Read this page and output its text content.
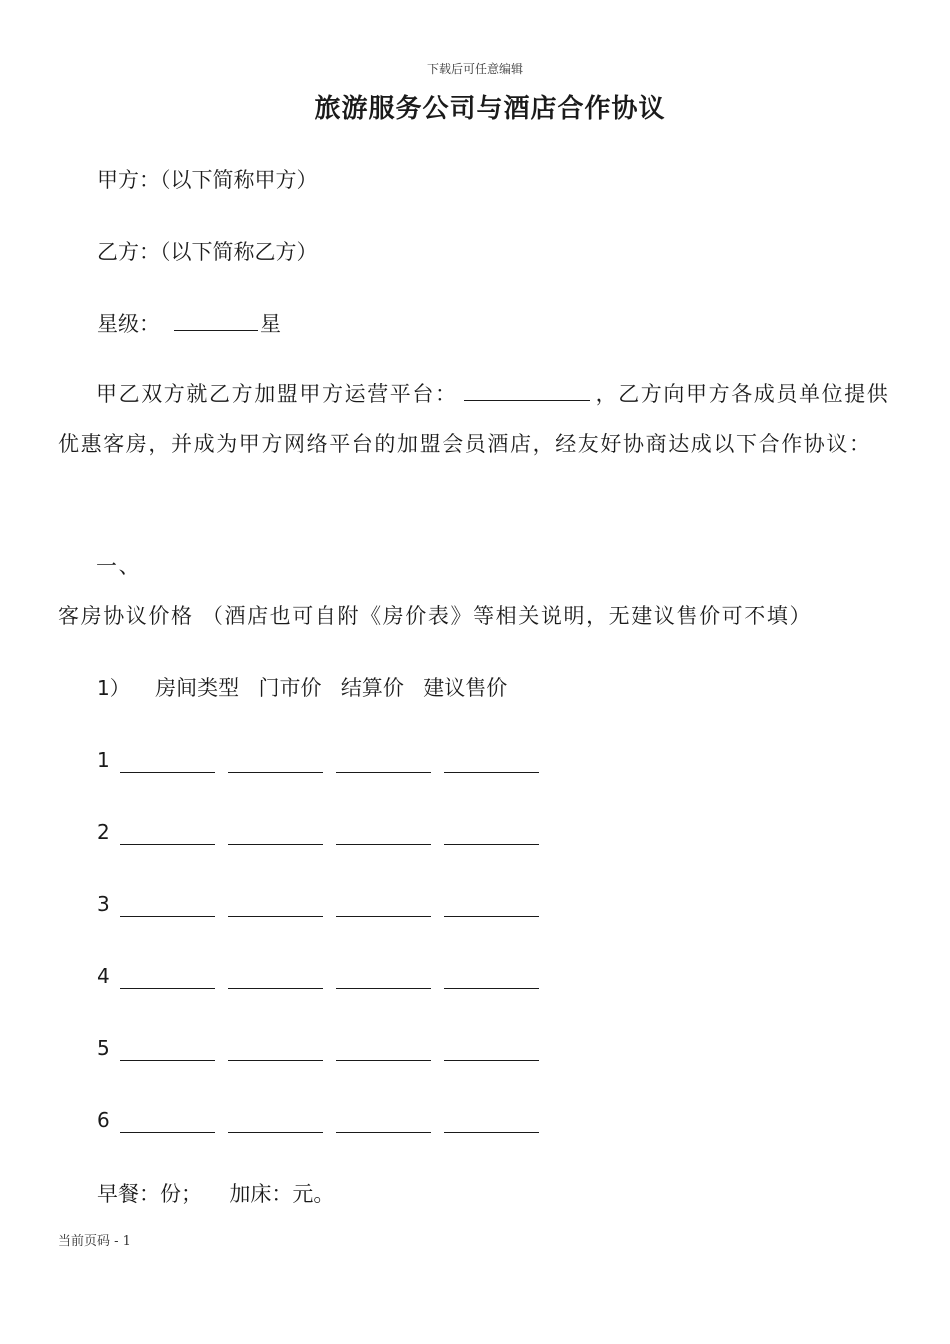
下载后可任意编辑
旅游服务公司与酒店合作协议
甲方：（以下简称甲方）
乙方：（以下简称乙方）
星级：	星
甲乙双方就乙方加盟甲方运营平台：	，乙方向甲方各成员单位提供优惠客房，并成为甲方网络平台的加盟会员酒店，经友好协商达成以下合作协议：
一、客房协议价格 （酒店也可自附《房价表》等相关说明，无建议售价可不填）
1） 房间类型 门市价 结算价 建议售价
1
2
3
4
5
6
早餐：份； 加床：元。
当前页码 - 1
